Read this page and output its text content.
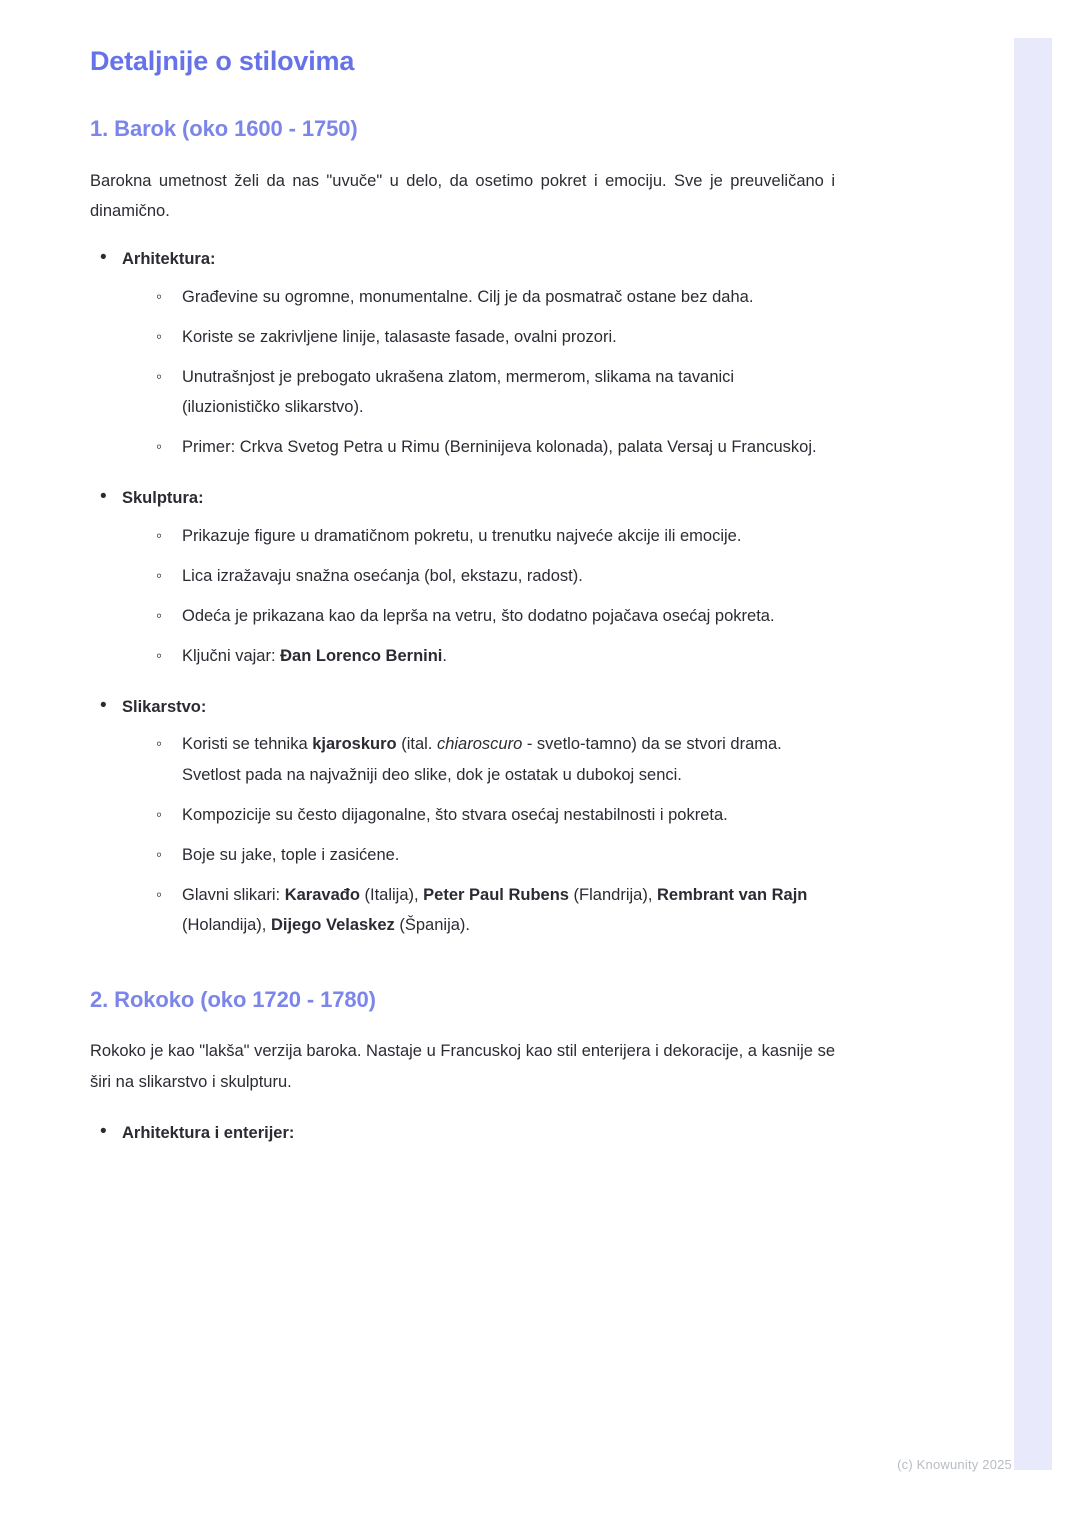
Detaljnije o stilovima
1. Barok (oko 1600 - 1750)

Barokna umetnost želi da nas "uvuče" u delo, da osetimo pokret i emociju. Sve je preuveličano i dinamično.

• Arhitektura:
◦ Građevine su ogromne, monumentalne. Cilj je da posmatrač ostane bez daha.
◦ Koriste se zakrivljene linije, talasaste fasade, ovalni prozori.
◦ Unutrašnjost je prebogato ukrašena zlatom, mermerom, slikama na tavanici (iluzionističko slikarstvo).
◦ Primer: Crkva Svetog Petra u Rimu (Berninijeva kolonada), palata Versaj u Francuskoj.
• Skulptura:
◦ Prikazuje figure u dramatičnom pokretu, u trenutku najveće akcije ili emocije.
◦ Lica izražavaju snažna osećanja (bol, ekstazu, radost).
◦ Odeća je prikazana kao da leprša na vetru, što dodatno pojačava osećaj pokreta.
◦ Ključni vajar: Đan Lorenco Bernini.
• Slikarstvo:
◦ Koristi se tehnika kjaroskuro (ital. chiaroscuro - svetlo-tamno) da se stvori drama. Svetlost pada na najvažniji deo slike, dok je ostatak u dubokoj senci.
◦ Kompozicije su često dijagonalne, što stvara osećaj nestabilnosti i pokreta.
◦ Boje su jake, tople i zasićene.
◦ Glavni slikari: Karavađo (Italija), Peter Paul Rubens (Flandrija), Rembrant van Rajn (Holandija), Dijego Velaskez (Španija).
2. Rokoko (oko 1720 - 1780)

Rokoko je kao "lakša" verzija baroka. Nastaje u Francuskoj kao stil enterijera i dekoracije, a kasnije se širi na slikarstvo i skulpturu.

• Arhitektura i enterijer:
(c) Knowunity 2025
